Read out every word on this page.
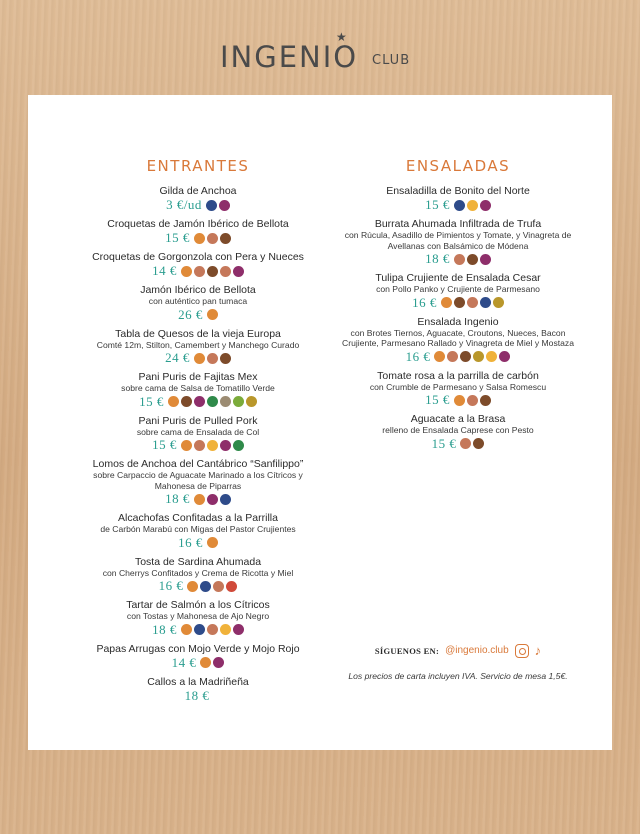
★
INGENIO CLUB
ENTRANTES
Gilda de Anchoa
3 €/ud
Croquetas de Jamón Ibérico de Bellota
15 €
Croquetas de Gorgonzola con Pera y Nueces
14 €
Jamón Ibérico de Bellota
con auténtico pan tumaca
26 €
Tabla de Quesos de la vieja Europa
Comté 12m, Stilton, Camembert y Manchego Curado
24 €
Pani Puris de Fajitas Mex
sobre cama de Salsa de Tomatillo Verde
15 €
Pani Puris de Pulled Pork
sobre cama de Ensalada de Col
15 €
Lomos de Anchoa del Cantábrico “Sanfilippo”
sobre Carpaccio de Aguacate Marinado a los Cítricos y Mahonesa de Piparras
18 €
Alcachofas Confitadas a la Parrilla
de Carbón Marabú con Migas del Pastor Crujientes
16 €
Tosta de Sardina Ahumada
con Cherrys Confitados y Crema de Ricotta y Miel
16 €
Tartar de Salmón a los Cítricos
con Tostas y Mahonesa de Ajo Negro
18 €
Papas Arrugas con Mojo Verde y Mojo Rojo
14 €
Callos a la Madriñeña
18 €
ENSALADAS
Ensaladilla de Bonito del Norte
15 €
Burrata Ahumada Infiltrada de Trufa
con Rúcula, Asadillo de Pimientos y Tomate, y Vinagreta de Avellanas con Balsámico de Módena
18 €
Tulipa Crujiente de Ensalada Cesar
con Pollo Panko y Crujiente de Parmesano
16 €
Ensalada Ingenio
con Brotes Tiernos, Aguacate, Croutons, Nueces, Bacon Crujiente, Parmesano Rallado y Vinagreta de Miel y Mostaza
16 €
Tomate rosa a la parrilla de carbón
con Crumble de Parmesano y Salsa Romescu
15 €
Aguacate a la Brasa
relleno de Ensalada Caprese con Pesto
15 €
SÍGUENOS EN: @ingenio.club ♪
Los precios de carta incluyen IVA. Servicio de mesa 1,5€.
